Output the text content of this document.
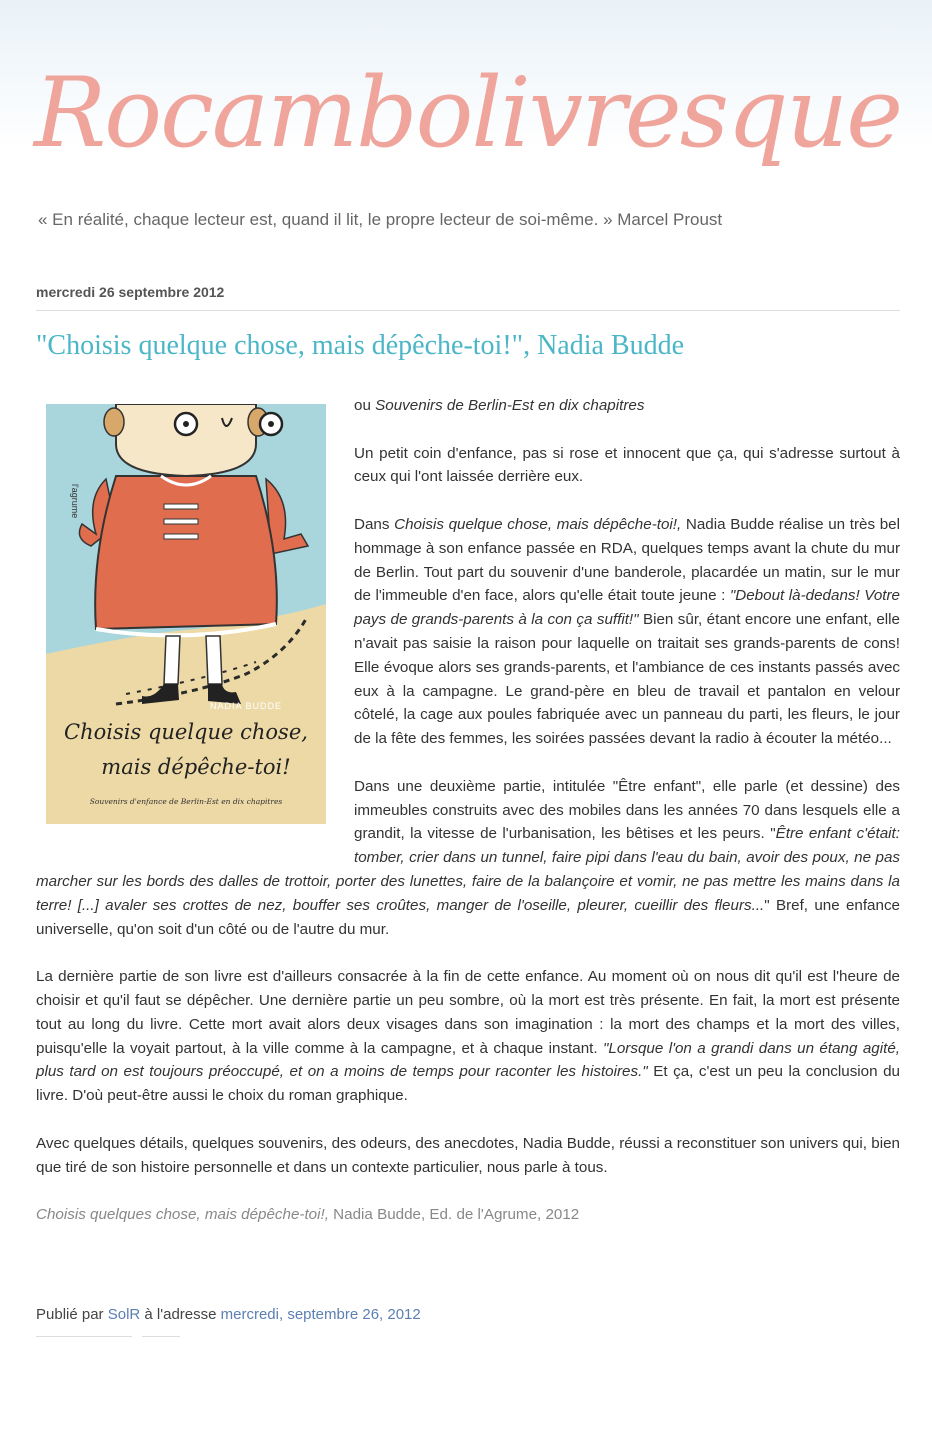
Rocambolivresque
« En réalité, chaque lecteur est, quand il lit, le propre lecteur de soi-même. » Marcel Proust
mercredi 26 septembre 2012
"Choisis quelque chose, mais dépêche-toi!", Nadia Budde
l'agrume
NADIA BUDDE
Choisis quelque chose,
mais dépêche-toi!
Souvenirs d'enfance de Berlin-Est en dix chapitres

ou Souvenirs de Berlin-Est en dix chapitres

Un petit coin d'enfance, pas si rose et innocent que ça, qui s'adresse surtout à ceux qui l'ont laissée derrière eux.

Dans Choisis quelque chose, mais dépêche-toi!, Nadia Budde réalise un très bel hommage à son enfance passée en RDA, quelques temps avant la chute du mur de Berlin. Tout part du souvenir d'une banderole, placardée un matin, sur le mur de l'immeuble d'en face, alors qu'elle était toute jeune : "Debout là-dedans! Votre pays de grands-parents à la con ça suffit!" Bien sûr, étant encore une enfant, elle n'avait pas saisie la raison pour laquelle on traitait ses grands-parents de cons! Elle évoque alors ses grands-parents, et l'ambiance de ces instants passés avec eux à la campagne. Le grand-père en bleu de travail et pantalon en velour côtelé, la cage aux poules fabriquée avec un panneau du parti, les fleurs, le jour de la fête des femmes, les soirées passées devant la radio à écouter la météo...

Dans une deuxième partie, intitulée "Être enfant", elle parle (et dessine) des immeubles construits avec des mobiles dans les années 70 dans lesquels elle a grandit, la vitesse de l'urbanisation, les bêtises et les peurs. "Être enfant c'était: tomber, crier dans un tunnel, faire pipi dans l'eau du bain, avoir des poux, ne pas marcher sur les bords des dalles de trottoir, porter des lunettes, faire de la balançoire et vomir, ne pas mettre les mains dans la terre! [...] avaler ses crottes de nez, bouffer ses croûtes, manger de l'oseille, pleurer, cueillir des fleurs..." Bref, une enfance universelle, qu'on soit d'un côté ou de l'autre du mur.

La dernière partie de son livre est d'ailleurs consacrée à la fin de cette enfance. Au moment où on nous dit qu'il est l'heure de choisir et qu'il faut se dépêcher. Une dernière partie un peu sombre, où la mort est très présente. En fait, la mort est présente tout au long du livre. Cette mort avait alors deux visages dans son imagination : la mort des champs et la mort des villes, puisqu'elle la voyait partout, à la ville comme à la campagne, et à chaque instant. "Lorsque l'on a grandi dans un étang agité, plus tard on est toujours préoccupé, et on a moins de temps pour raconter les histoires." Et ça, c'est un peu la conclusion du livre. D'où peut-être aussi le choix du roman graphique.

Avec quelques détails, quelques souvenirs, des odeurs, des anecdotes, Nadia Budde, réussi a reconstituer son univers qui, bien que tiré de son histoire personnelle et dans un contexte particulier, nous parle à tous.

Choisis quelques chose, mais dépêche-toi!, Nadia Budde, Ed. de l'Agrume, 2012

Publié par SolR à l'adresse mercredi, septembre 26, 2012
